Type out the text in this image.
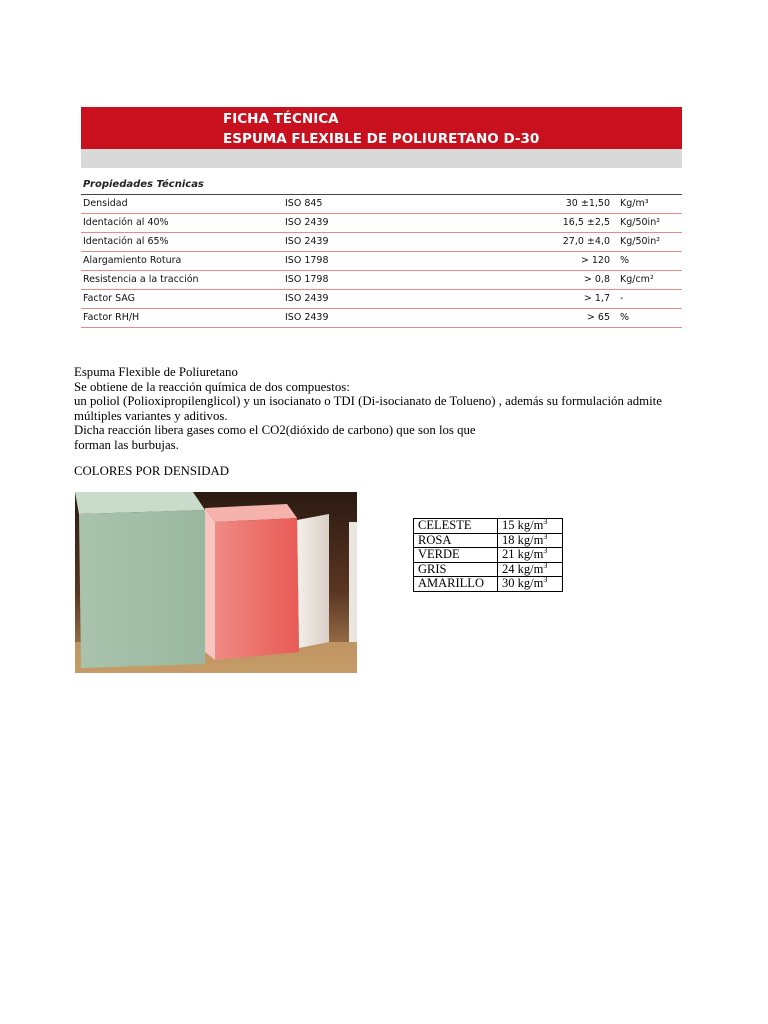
FICHA TÉCNICA
ESPUMA FLEXIBLE DE POLIURETANO D-30
Propiedades Técnicas
Densidad	ISO 845	30 ±1,50 Kg/m³
Identación al 40%	ISO 2439	16,5 ±2,5 Kg/50in²
Identación al 65%	ISO 2439	27,0 ±4,0 Kg/50in²
Alargamiento Rotura	ISO 1798	> 120 %
Resistencia a la tracción	ISO 1798	> 0,8 Kg/cm²
Factor SAG	ISO 2439	> 1,7 -
Factor RH/H	ISO 2439	> 65 %
Espuma Flexible de Poliuretano
Se obtiene de la reacción química de dos compuestos:
un poliol (Polioxipropilenglicol) y un isocianato o TDI (Di-isocianato de Tolueno) , además su formulación admite
múltiples variantes y aditivos.
Dicha reacción libera gases como el CO2(dióxido de carbono) que son los que
forman las burbujas.
COLORES POR DENSIDAD
CELESTE	15 $kg/m^3$
ROSA	18 $kg/m^3$
VERDE	21 $kg/m^3$
GRIS	24 $kg/m^3$
AMARILLO	30 $kg/m^3$
